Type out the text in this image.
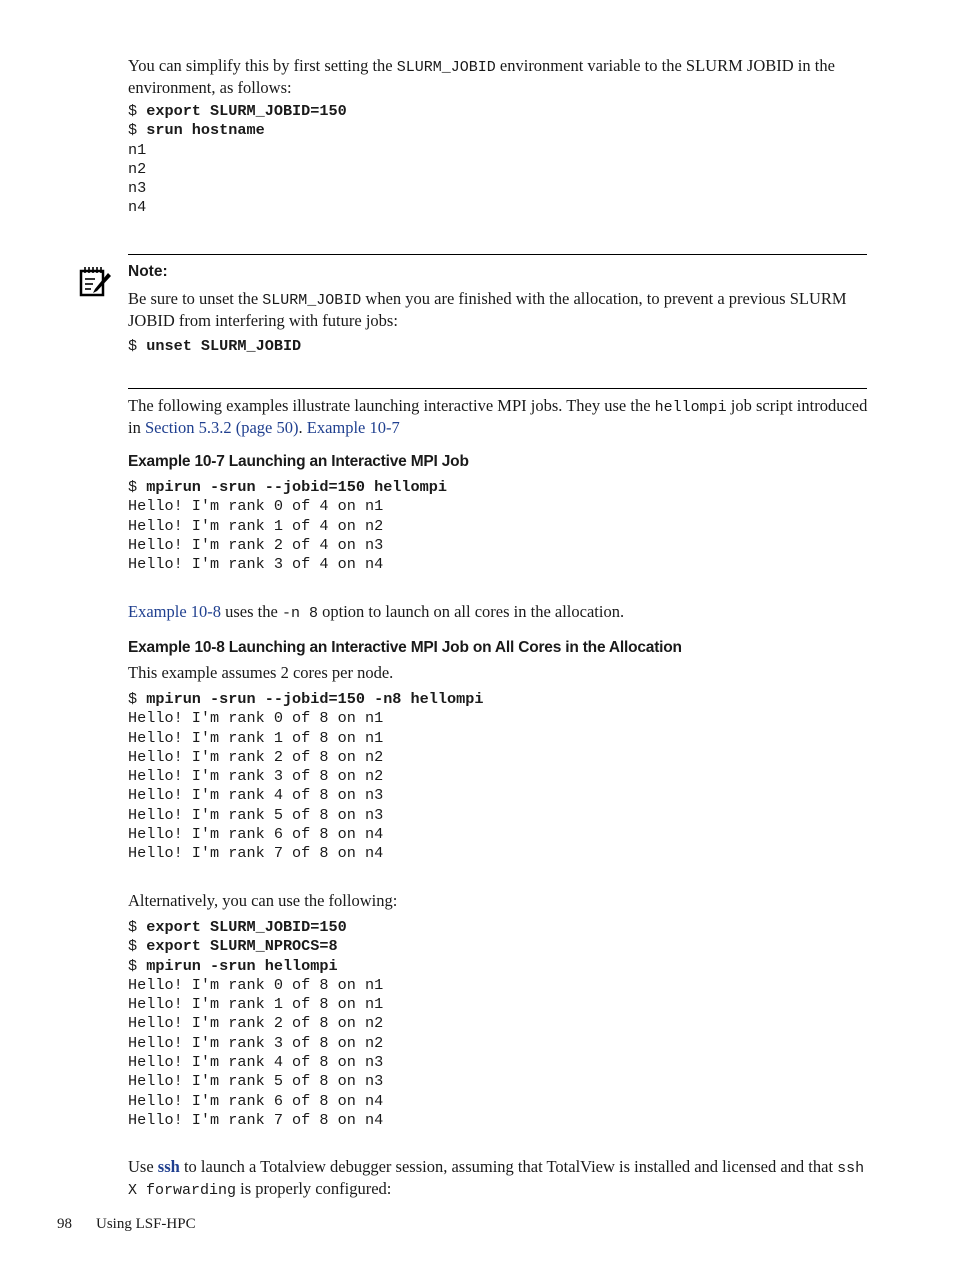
You can simplify this by first setting the SLURM_JOBID environment variable to the SLURM JOBID in the environment, as follows:

$ export SLURM_JOBID=150
$ srun hostname
n1
n2
n3
n4
Note:

Be sure to unset the SLURM_JOBID when you are finished with the allocation, to prevent a previous SLURM JOBID from interfering with future jobs:

$ unset SLURM_JOBID

The following examples illustrate launching interactive MPI jobs. They use the hellompi job script introduced in Section 5.3.2 (page 50). Example 10-7

Example 10-7 Launching an Interactive MPI Job

$ mpirun -srun --jobid=150 hellompi
Hello! I'm rank 0 of 4 on n1
Hello! I'm rank 1 of 4 on n2
Hello! I'm rank 2 of 4 on n3
Hello! I'm rank 3 of 4 on n4

Example 10-8 uses the -n 8 option to launch on all cores in the allocation.

Example 10-8 Launching an Interactive MPI Job on All Cores in the Allocation

This example assumes 2 cores per node.

$ mpirun -srun --jobid=150 -n8 hellompi
Hello! I'm rank 0 of 8 on n1
Hello! I'm rank 1 of 8 on n1
Hello! I'm rank 2 of 8 on n2
Hello! I'm rank 3 of 8 on n2
Hello! I'm rank 4 of 8 on n3
Hello! I'm rank 5 of 8 on n3
Hello! I'm rank 6 of 8 on n4
Hello! I'm rank 7 of 8 on n4

Alternatively, you can use the following:

$ export SLURM_JOBID=150
$ export SLURM_NPROCS=8
$ mpirun -srun hellompi
Hello! I'm rank 0 of 8 on n1
Hello! I'm rank 1 of 8 on n1
Hello! I'm rank 2 of 8 on n2
Hello! I'm rank 3 of 8 on n2
Hello! I'm rank 4 of 8 on n3
Hello! I'm rank 5 of 8 on n3
Hello! I'm rank 6 of 8 on n4
Hello! I'm rank 7 of 8 on n4

Use ssh to launch a Totalview debugger session, assuming that TotalView is installed and licensed and that ssh X forwarding is properly configured:

98 Using LSF-HPC
